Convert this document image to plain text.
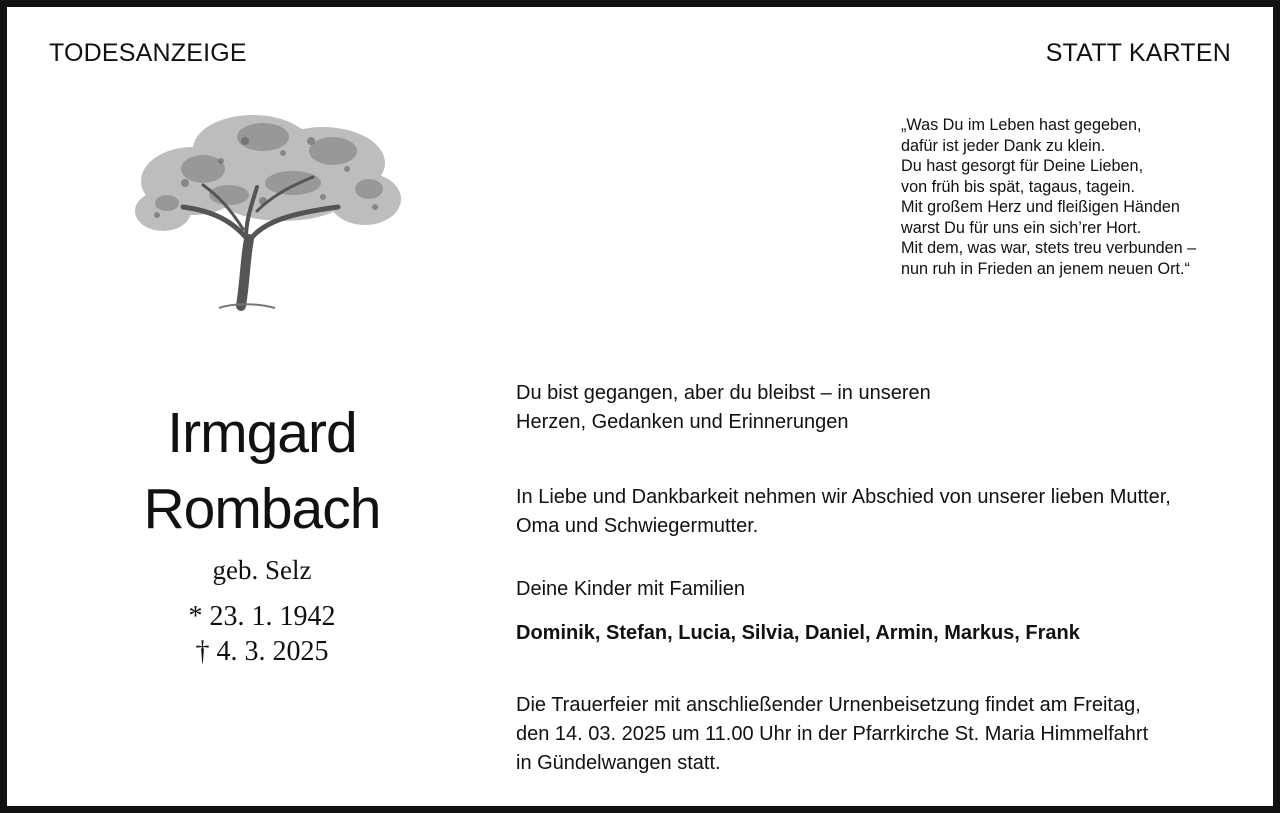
TODESANZEIGE	STATT KARTEN
„Was Du im Leben hast gegeben,
dafür ist jeder Dank zu klein.
Du hast gesorgt für Deine Lieben,
von früh bis spät, tagaus, tagein.
Mit großem Herz und fleißigen Händen
warst Du für uns ein sich’rer Hort.
Mit dem, was war, stets treu verbunden –
nun ruh in Frieden an jenem neuen Ort.“
Irmgard
Rombach
geb. Selz
* 23. 1. 1942
† 4. 3. 2025
Du bist gegangen, aber du bleibst – in unseren
Herzen, Gedanken und Erinnerungen
In Liebe und Dankbarkeit nehmen wir Abschied von unserer lieben Mutter,
Oma und Schwiegermutter.
Deine Kinder mit Familien
Dominik, Stefan, Lucia, Silvia, Daniel, Armin, Markus, Frank
Die Trauerfeier mit anschließender Urnenbeisetzung findet am Freitag,
den 14. 03. 2025 um 11.00 Uhr in der Pfarrkirche St. Maria Himmelfahrt
in Gündelwangen statt.
